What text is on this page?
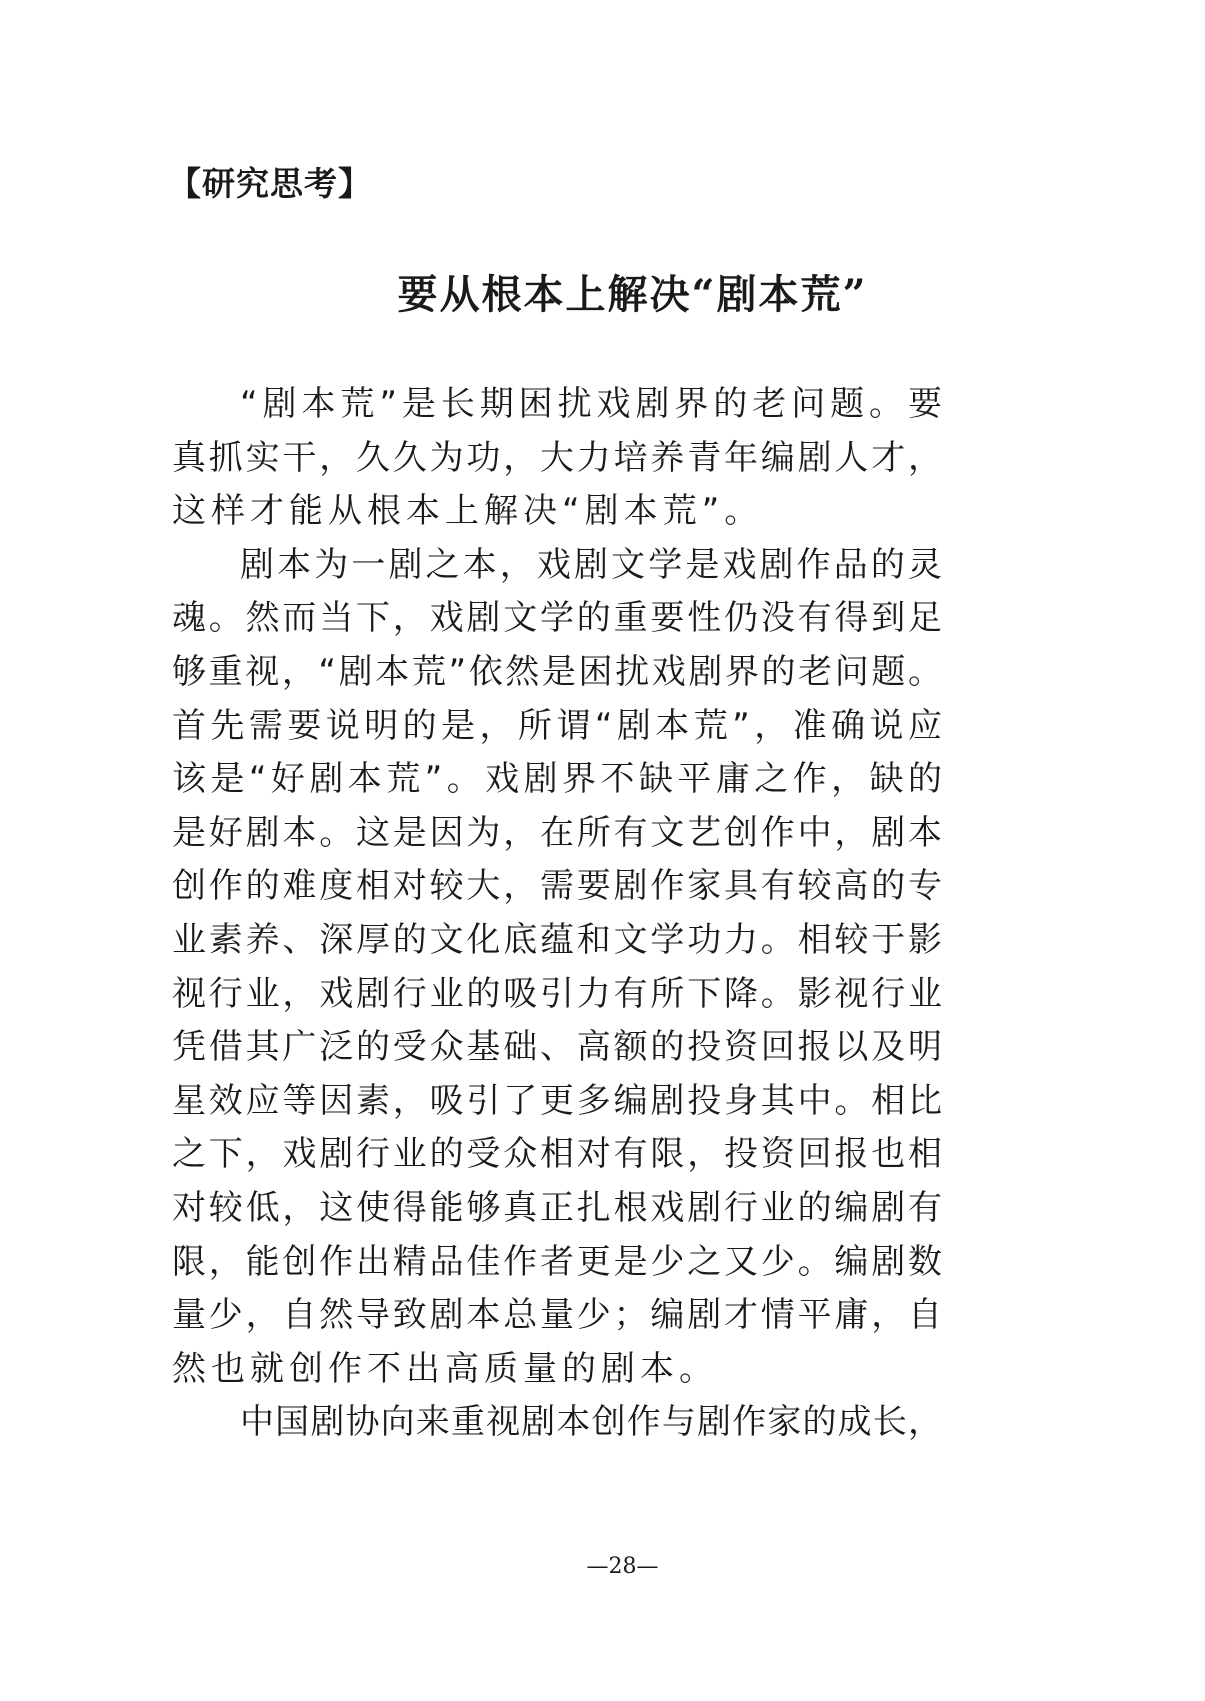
【研究思考】
要从根本上解决“剧本荒”
“剧本荒”是长期困扰戏剧界的老问题。要
真抓实干，久久为功，大力培养青年编剧人才，
这样才能从根本上解决“剧本荒”。
剧本为一剧之本，戏剧文学是戏剧作品的灵
魂。然而当下，戏剧文学的重要性仍没有得到足
够重视，“剧本荒”依然是困扰戏剧界的老问题。
首先需要说明的是，所谓“剧本荒”，准确说应
该是“好剧本荒”。戏剧界不缺平庸之作，缺的
是好剧本。这是因为，在所有文艺创作中，剧本
创作的难度相对较大，需要剧作家具有较高的专
业素养、深厚的文化底蕴和文学功力。相较于影
视行业，戏剧行业的吸引力有所下降。影视行业
凭借其广泛的受众基础、高额的投资回报以及明
星效应等因素，吸引了更多编剧投身其中。相比
之下，戏剧行业的受众相对有限，投资回报也相
对较低，这使得能够真正扎根戏剧行业的编剧有
限，能创作出精品佳作者更是少之又少。编剧数
量少，自然导致剧本总量少；编剧才情平庸，自
然也就创作不出高质量的剧本。
中国剧协向来重视剧本创作与剧作家的成长，
—28—
